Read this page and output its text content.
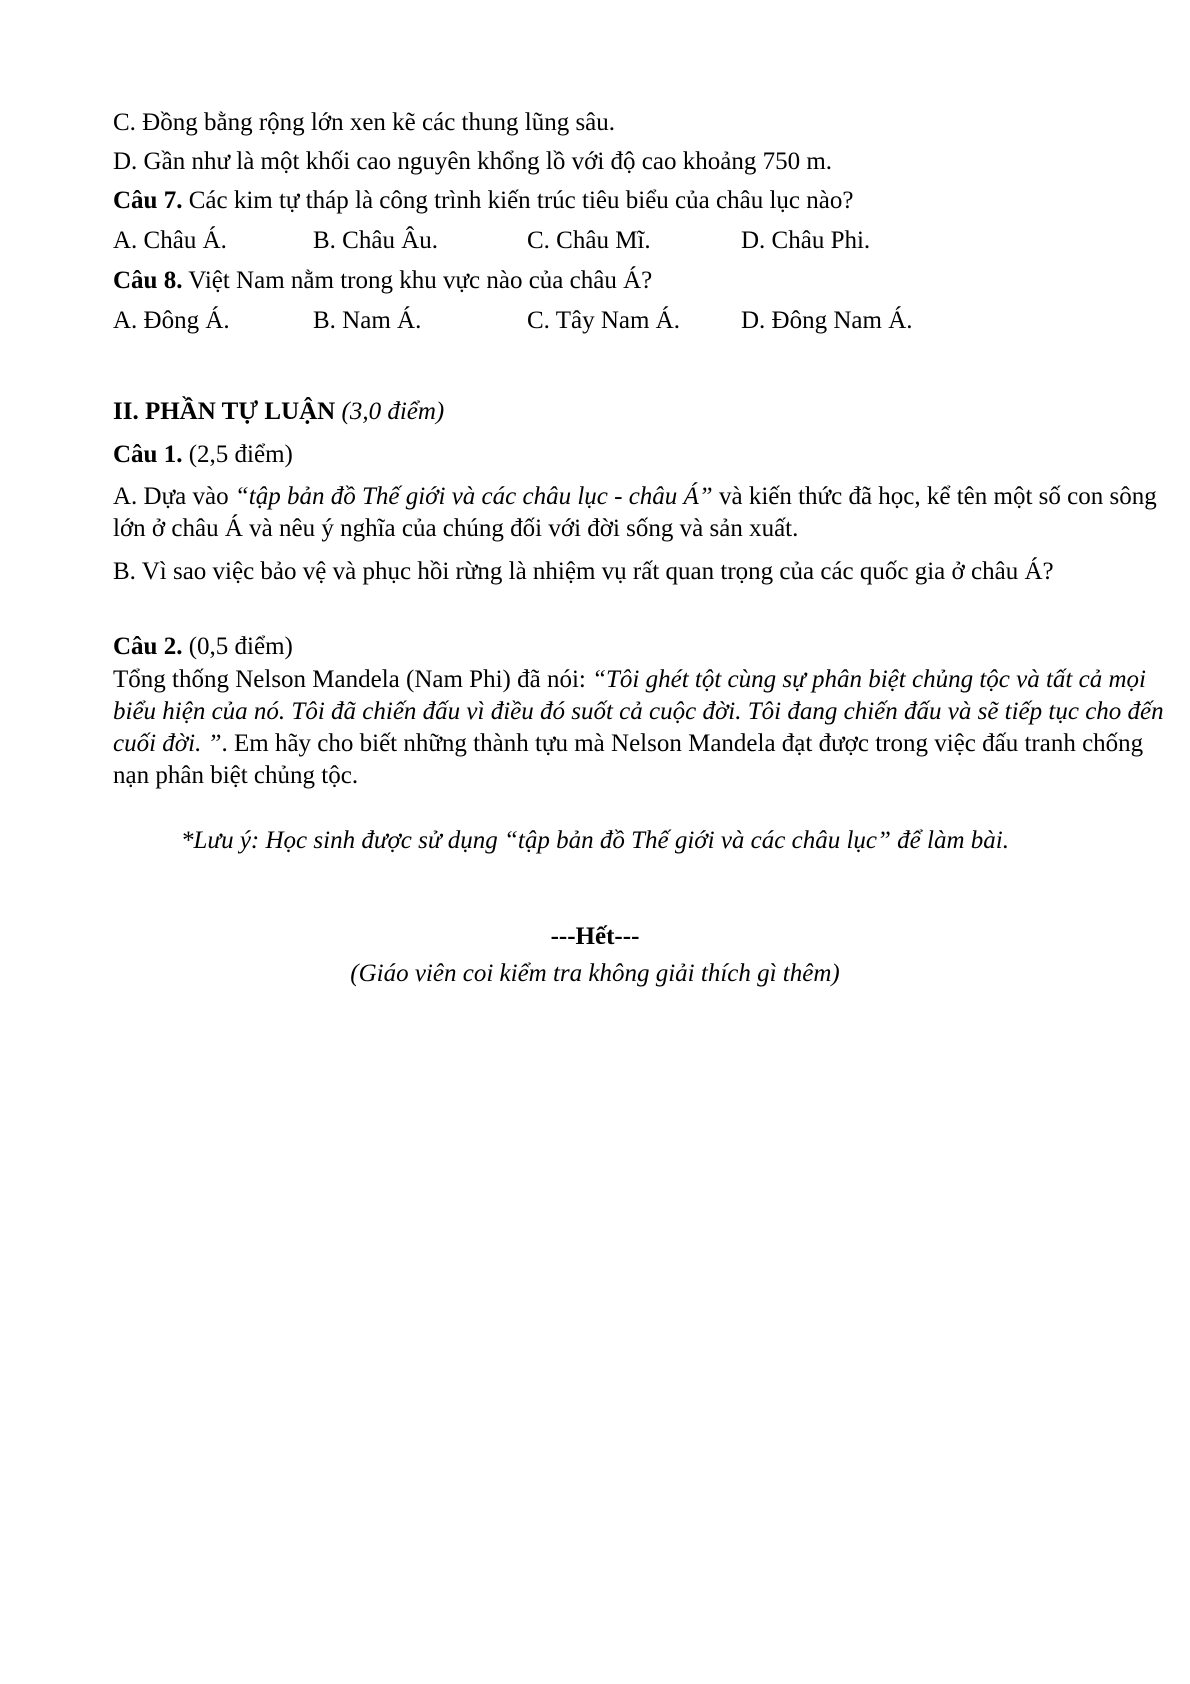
C. Đồng bằng rộng lớn xen kẽ các thung lũng sâu.
D. Gần như là một khối cao nguyên khổng lồ với độ cao khoảng 750 m.
Câu 7. Các kim tự tháp là công trình kiến trúc tiêu biểu của châu lục nào?
A. Châu Á.	B. Châu Âu.	C. Châu Mĩ.	D. Châu Phi.
Câu 8. Việt Nam nằm trong khu vực nào của châu Á?
A. Đông Á.	B. Nam Á.	C. Tây Nam Á. D. Đông Nam Á.
II. PHẦN TỰ LUẬN (3,0 điểm)
Câu 1. (2,5 điểm)
A. Dựa vào “tập bản đồ Thế giới và các châu lục - châu Á” và kiến thức đã học, kể tên một số con sông lớn ở châu Á và nêu ý nghĩa của chúng đối với đời sống và sản xuất.
B. Vì sao việc bảo vệ và phục hồi rừng là nhiệm vụ rất quan trọng của các quốc gia ở châu Á?
Câu 2. (0,5 điểm)
Tổng thống Nelson Mandela (Nam Phi) đã nói: “Tôi ghét tột cùng sự phân biệt chủng tộc và tất cả mọi biểu hiện của nó. Tôi đã chiến đấu vì điều đó suốt cả cuộc đời. Tôi đang chiến đấu và sẽ tiếp tục cho đến cuối đời. ”. Em hãy cho biết những thành tựu mà Nelson Mandela đạt được trong việc đấu tranh chống nạn phân biệt chủng tộc.
*Lưu ý: Học sinh được sử dụng “tập bản đồ Thế giới và các châu lục” để làm bài.
---Hết---
(Giáo viên coi kiểm tra không giải thích gì thêm)
